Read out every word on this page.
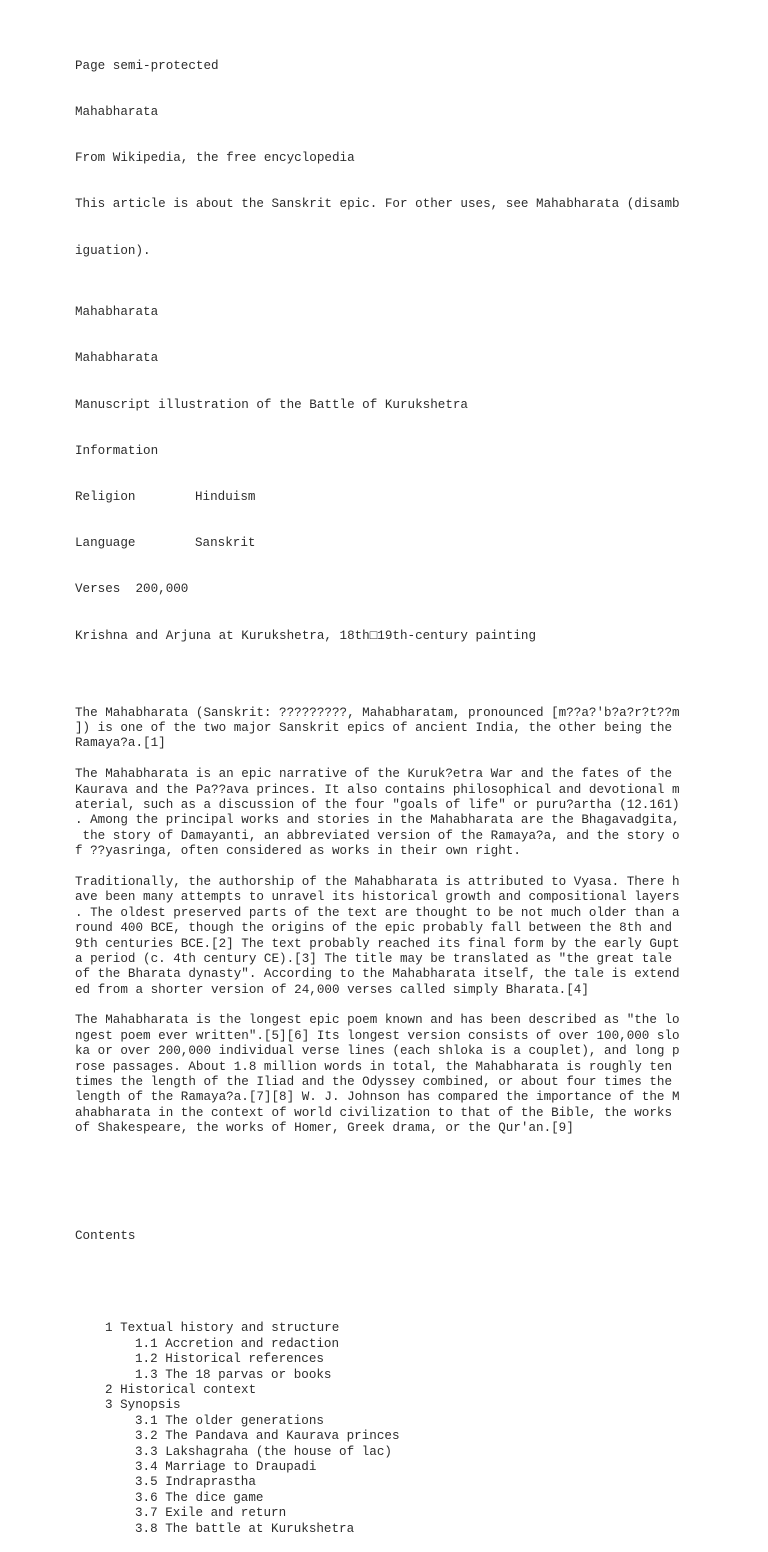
Page semi-protected

Mahabharata

From Wikipedia, the free encyclopedia

This article is about the Sanskrit epic. For other uses, see Mahabharata (disamb

iguation).

Mahabharata

Mahabharata

Manuscript illustration of the Battle of Kurukshetra

Information

Religion	Hinduism

Language	Sanskrit

Verses  200,000

Krishna and Arjuna at Kurukshetra, 18th□19th-century painting

The Mahabharata (Sanskrit: ?????????, Mahabharatam, pronounced [m??a?'b?a?r?t??m
]) is one of the two major Sanskrit epics of ancient India, the other being the
Ramaya?a.[1]
The Mahabharata is an epic narrative of the Kuruk?etra War and the fates of the
Kaurava and the Pa??ava princes. It also contains philosophical and devotional m
aterial, such as a discussion of the four "goals of life" or puru?artha (12.161)
. Among the principal works and stories in the Mahabharata are the Bhagavadgita,
the story of Damayanti, an abbreviated version of the Ramaya?a, and the story o
f ??yasringa, often considered as works in their own right.
Traditionally, the authorship of the Mahabharata is attributed to Vyasa. There h
ave been many attempts to unravel its historical growth and compositional layers
. The oldest preserved parts of the text are thought to be not much older than a
round 400 BCE, though the origins of the epic probably fall between the 8th and
9th centuries BCE.[2] The text probably reached its final form by the early Gupt
a period (c. 4th century CE).[3] The title may be translated as "the great tale
of the Bharata dynasty". According to the Mahabharata itself, the tale is extend
ed from a shorter version of 24,000 verses called simply Bharata.[4]
The Mahabharata is the longest epic poem known and has been described as "the lo
ngest poem ever written".[5][6] Its longest version consists of over 100,000 slo
ka or over 200,000 individual verse lines (each shloka is a couplet), and long p
rose passages. About 1.8 million words in total, the Mahabharata is roughly ten
times the length of the Iliad and the Odyssey combined, or about four times the
length of the Ramaya?a.[7][8] W. J. Johnson has compared the importance of the M
ahabharata in the context of world civilization to that of the Bible, the works
of Shakespeare, the works of Homer, Greek drama, or the Qur'an.[9]

Contents

1 Textual history and structure
1.1 Accretion and redaction
1.2 Historical references
1.3 The 18 parvas or books
2 Historical context
3 Synopsis
3.1 The older generations
3.2 The Pandava and Kaurava princes
3.3 Lakshagraha (the house of lac)
3.4 Marriage to Draupadi
3.5 Indraprastha
3.6 The dice game
3.7 Exile and return
3.8 The battle at Kurukshetra
